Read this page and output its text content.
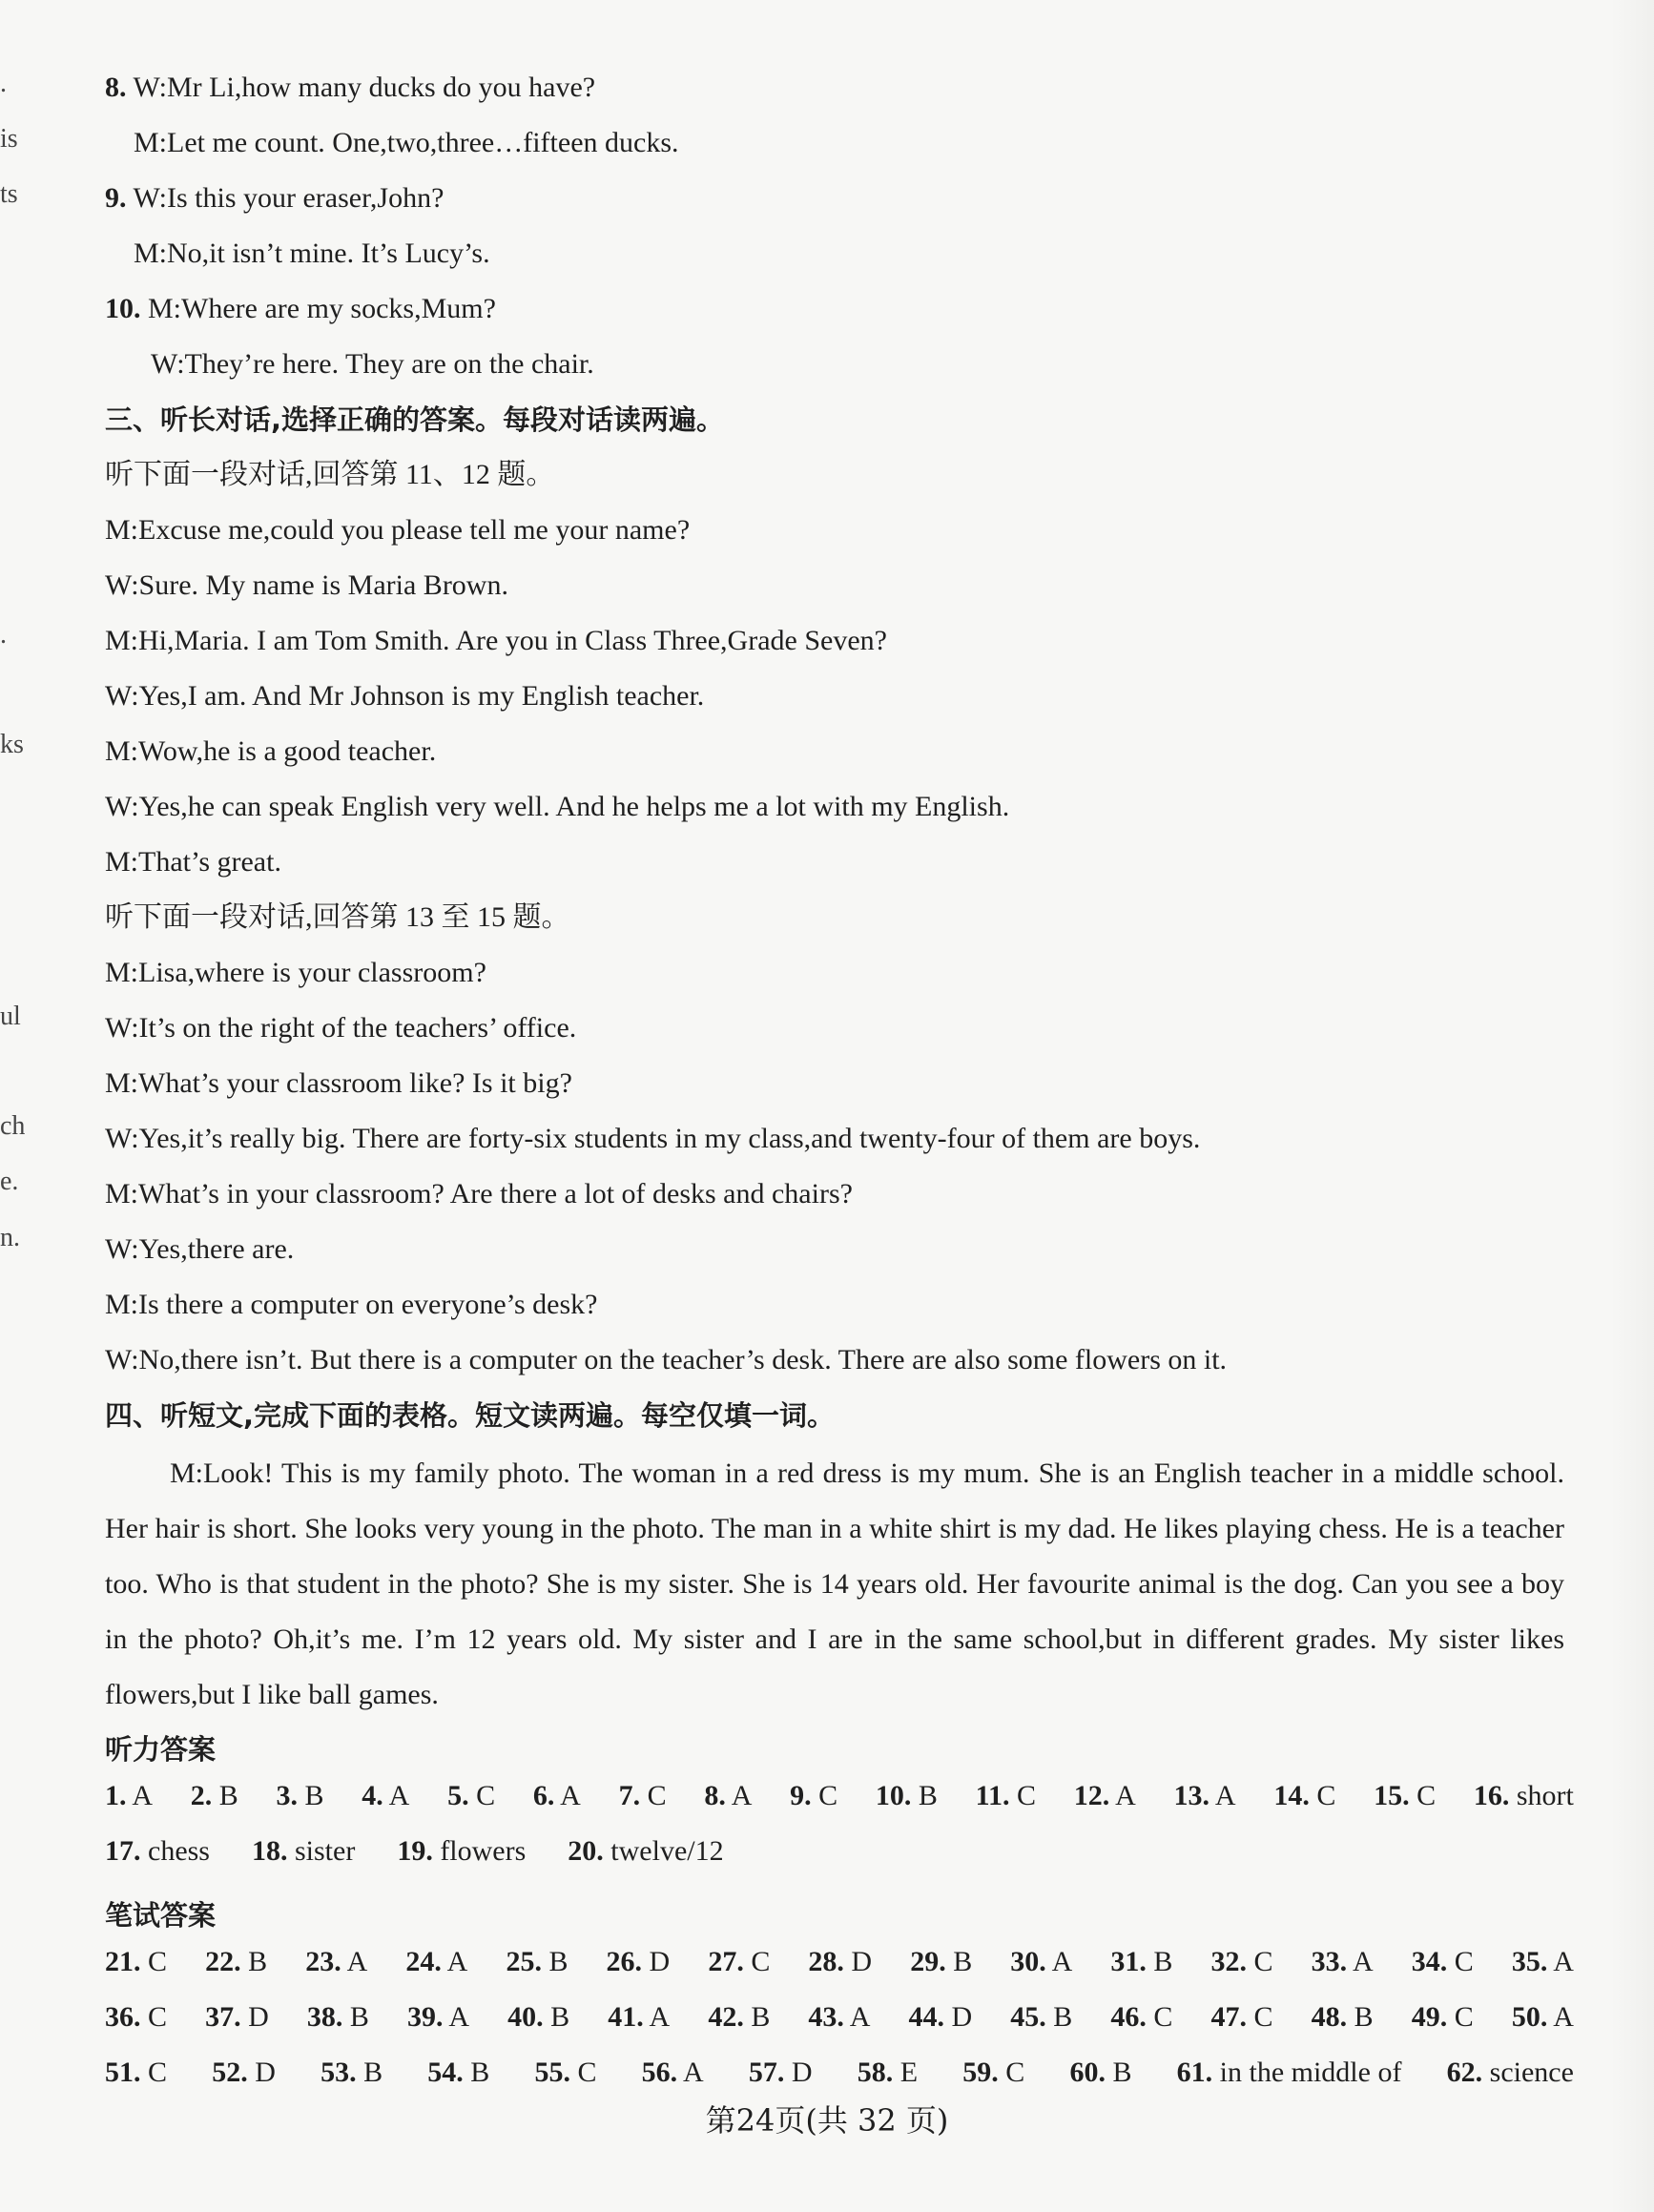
.
is
ts
.
ks
ul
ch
e.
n.
8. W:Mr Li,how many ducks do you have?
M:Let me count. One,two,three…fifteen ducks.
9. W:Is this your eraser,John?
M:No,it isn’t mine. It’s Lucy’s.
10. M:Where are my socks,Mum?
W:They’re here. They are on the chair.
三、听长对话,选择正确的答案。每段对话读两遍。
听下面一段对话,回答第 11、12 题。
M:Excuse me,could you please tell me your name?
W:Sure. My name is Maria Brown.
M:Hi,Maria. I am Tom Smith. Are you in Class Three,Grade Seven?
W:Yes,I am. And Mr Johnson is my English teacher.
M:Wow,he is a good teacher.
W:Yes,he can speak English very well. And he helps me a lot with my English.
M:That’s great.
听下面一段对话,回答第 13 至 15 题。
M:Lisa,where is your classroom?
W:It’s on the right of the teachers’ office.
M:What’s your classroom like? Is it big?
W:Yes,it’s really big. There are forty-six students in my class,and twenty-four of them are boys.
M:What’s in your classroom? Are there a lot of desks and chairs?
W:Yes,there are.
M:Is there a computer on everyone’s desk?
W:No,there isn’t. But there is a computer on the teacher’s desk. There are also some flowers on it.
四、听短文,完成下面的表格。短文读两遍。每空仅填一词。
M:Look! This is my family photo. The woman in a red dress is my mum. She is an English teacher in a middle school. Her hair is short. She looks very young in the photo. The man in a white shirt is my dad. He likes playing chess. He is a teacher too. Who is that student in the photo? She is my sister. She is 14 years old. Her favourite animal is the dog. Can you see a boy in the photo? Oh,it’s me. I’m 12 years old. My sister and I are in the same school,but in different grades. My sister likes flowers,but I like ball games.
听力答案
1. A 2. B 3. B 4. A 5. C 6. A 7. C 8. A 9. C 10. B 11. C 12. A 13. A 14. C 15. C 16. short
17. chess 18. sister 19. flowers 20. twelve/12
笔试答案
21. C 22. B 23. A 24. A 25. B 26. D 27. C 28. D 29. B 30. A 31. B 32. C 33. A 34. C 35. A
36. C 37. D 38. B 39. A 40. B 41. A 42. B 43. A 44. D 45. B 46. C 47. C 48. B 49. C 50. A
51. C 52. D 53. B 54. B 55. C 56. A 57. D 58. E 59. C 60. B 61. in the middle of 62. science
第24页(共 32 页)
